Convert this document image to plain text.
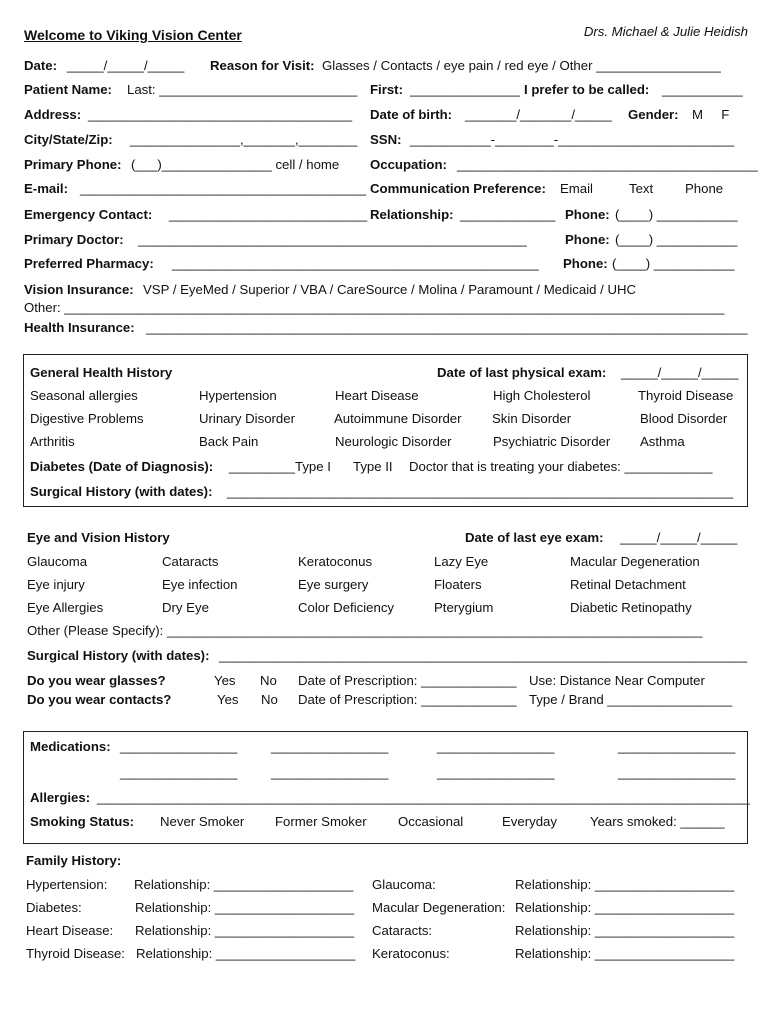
Welcome to Viking Vision Center	Drs. Michael & Julie Heidish
Date: _____/_____/_____ Reason for Visit: Glasses / Contacts / eye pain / red eye / Other _________________
Patient Name: Last: ___________________________ First: _______________ I prefer to be called: ___________
Address: ____________________________________ Date of birth: _______/_______/_____ Gender: M     F
City/State/Zip: _______________,_______,________ SSN: ___________-________-________________________
Primary Phone: (___)_______________ cell / home Occupation: _________________________________________
E-mail: _______________________________________ Communication Preference: Email	Text Phone
Emergency Contact: ___________________________ Relationship: _____________ Phone: (____) ___________
Primary Doctor: _____________________________________________________	Phone: (____) ___________
Preferred Pharmacy: __________________________________________________ Phone: (____) ___________
Vision Insurance: VSP / EyeMed / Superior / VBA / CareSource / Molina / Paramount / Medicaid / UHC
Other: __________________________________________________________________________________________
Health Insurance: __________________________________________________________________________________
General Health History	Date of last physical exam: _____/_____/_____
Seasonal allergies	Hypertension	Heart Disease	High Cholesterol	Thyroid Disease
Digestive Problems	Urinary Disorder	Autoimmune Disorder Skin Disorder	Blood Disorder
Arthritis	Back Pain	Neurologic Disorder	Psychiatric Disorder Asthma
Diabetes (Date of Diagnosis): _________Type I Type II Doctor that is treating your diabetes: ____________
Surgical History (with dates): _____________________________________________________________________
Eye and Vision History	Date of last eye exam: _____/_____/_____
Glaucoma	Cataracts	Keratoconus	Lazy Eye	Macular Degeneration
Eye injury	Eye infection	Eye surgery	Floaters	Retinal Detachment
Eye Allergies	Dry Eye	Color Deficiency	Pterygium	Diabetic Retinopathy
Other (Please Specify): _________________________________________________________________________
Surgical History (with dates): ________________________________________________________________________
Do you wear glasses?	Yes No Date of Prescription: _____________ Use: Distance Near Computer
Do you wear contacts?	Yes No Date of Prescription: _____________ Type / Brand _________________
Medications: ________________	________________	________________	________________
________________	________________	________________	________________
Allergies: _________________________________________________________________________________________
Smoking Status: Never Smoker Former Smoker Occasional	Everyday	Years smoked: ______
Family History:
Hypertension: Relationship: ___________________ Glaucoma:	Relationship: ___________________
Diabetes:	Relationship: ___________________ Macular Degeneration: Relationship: ___________________
Heart Disease: Relationship: ___________________ Cataracts:	Relationship: ___________________
Thyroid Disease: Relationship: ___________________ Keratoconus:	Relationship: ___________________
